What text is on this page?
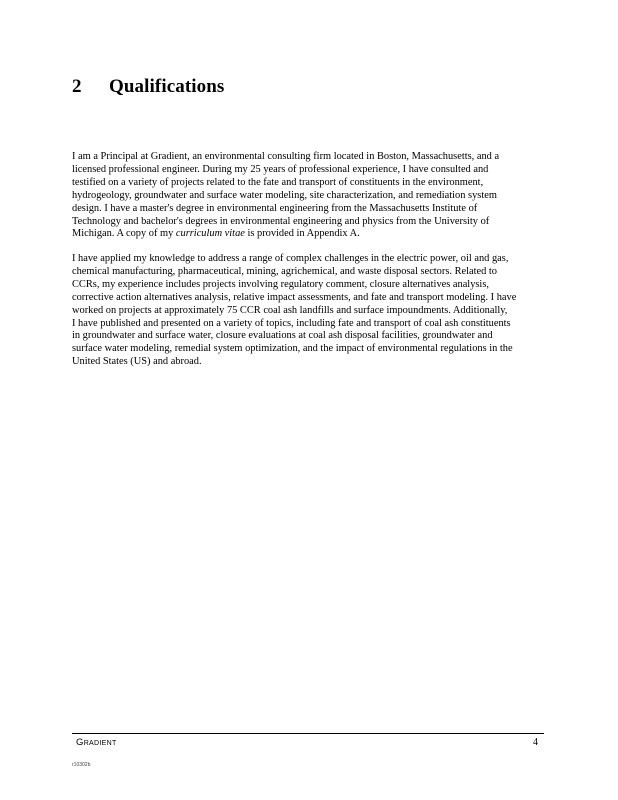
2 Qualifications

I am a Principal at Gradient, an environmental consulting firm located in Boston, Massachusetts, and a
licensed professional engineer. During my 25 years of professional experience, I have consulted and
testified on a variety of projects related to the fate and transport of constituents in the environment,
hydrogeology, groundwater and surface water modeling, site characterization, and remediation system
design. I have a master's degree in environmental engineering from the Massachusetts Institute of
Technology and bachelor's degrees in environmental engineering and physics from the University of
Michigan. A copy of my curriculum vitae is provided in Appendix A.

I have applied my knowledge to address a range of complex challenges in the electric power, oil and gas,
chemical manufacturing, pharmaceutical, mining, agrichemical, and waste disposal sectors. Related to
CCRs, my experience includes projects involving regulatory comment, closure alternatives analysis,
corrective action alternatives analysis, relative impact assessments, and fate and transport modeling. I have
worked on projects at approximately 75 CCR coal ash landfills and surface impoundments. Additionally,
I have published and presented on a variety of topics, including fate and transport of coal ash constituents
in groundwater and surface water, closure evaluations at coal ash disposal facilities, groundwater and
surface water modeling, remedial system optimization, and the impact of environmental regulations in the
United States (US) and abroad.

Gradient	4
r10302b
